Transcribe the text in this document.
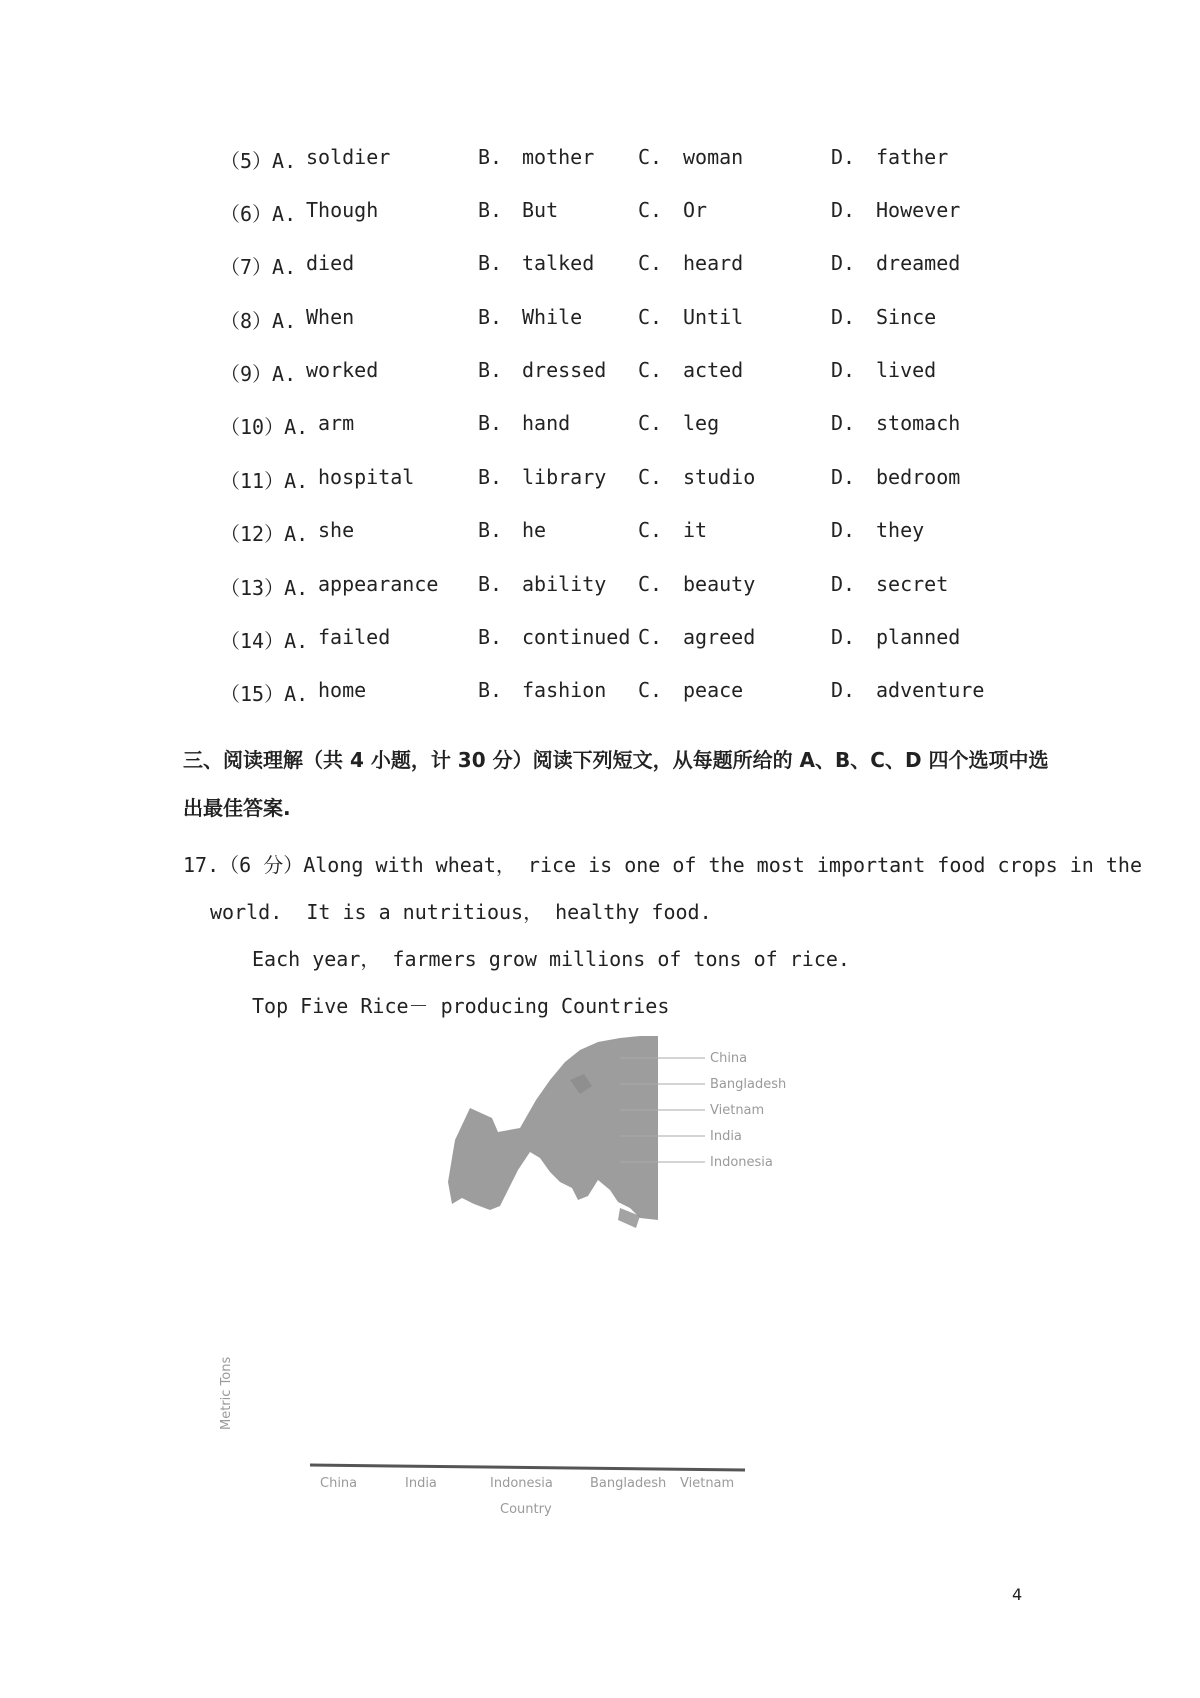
（5）A. soldier	B. mother C. woman	D. father
（6）A. Though	B. But	C. Or	D. However
（7）A. died	B. talked C. heard	D. dreamed
（8）A. When	B. While	C. Until	D. Since
（9）A. worked	B. dressed C. acted	D. lived
（10）A. arm	B. hand	C. leg	D. stomach
（11）A. hospital	B. library C. studio	D. bedroom
（12）A. she	B. he	C. it	D. they
（13）A. appearance B. ability C. beauty	D. secret
（14）A. failed	B. continued C. agreed	D. planned
（15）A. home	B. fashion C. peace	D. adventure
三、阅读理解（共 4 小题，计 30 分）阅读下列短文，从每题所给的 A、B、C、D 四个选项中选出最佳答案.
17.（6 分）Along with wheat， rice is one of the most important food crops in the
world.  It is a nutritious， healthy food.
Each year， farmers grow millions of tons of rice.
Top Five Rice－ producing Countries
China
Bangladesh
Vietnam
India
Indonesia
China	India	Indonesia	Bangladesh Vietnam
Country
Metric Tons
4
